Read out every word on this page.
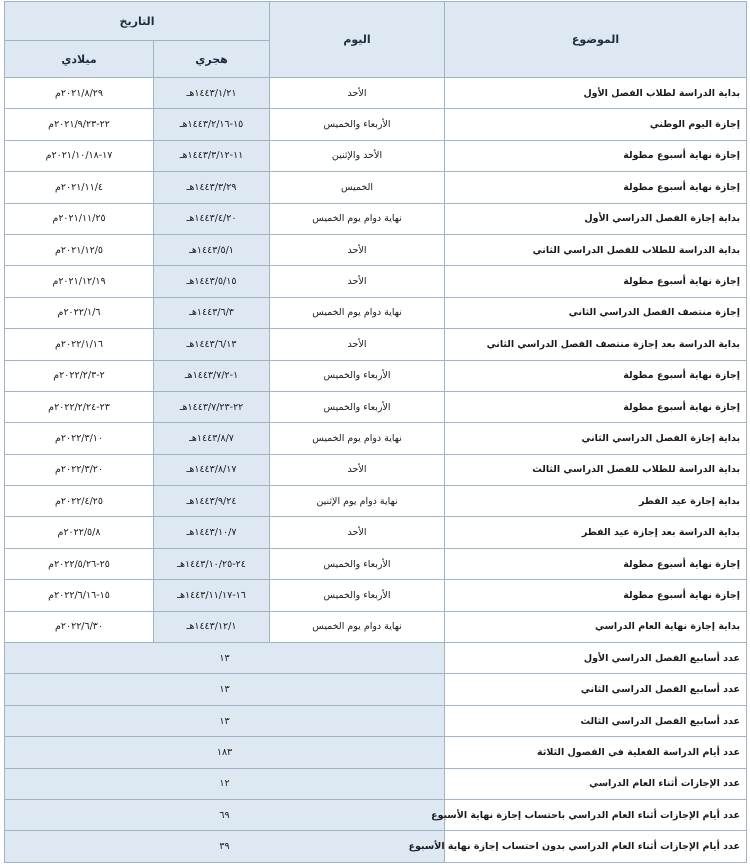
الموضوع	اليوم	التاريخ	
		هجري	ميلادي
بداية الدراسة لطلاب الفصل الأول	الأحد	١٤٤٣/١/٢١هـ	٢٠٢١/٨/٢٩م
إجازة اليوم الوطني	الأربعاء والخميس	١٥-١٤٤٣/٢/١٦هـ	٢٢-٢٠٢١/٩/٢٣م
إجازة نهاية أسبوع مطولة	الأحد والإثنين	١١-١٤٤٣/٣/١٢هـ	١٧-٢٠٢١/١٠/١٨م
إجازة نهاية أسبوع مطولة	الخميس	١٤٤٣/٣/٢٩هـ	٢٠٢١/١١/٤م
بداية إجازة الفصل الدراسي الأول	نهاية دوام يوم الخميس	١٤٤٣/٤/٢٠هـ	٢٠٢١/١١/٢٥م
بداية الدراسة للطلاب للفصل الدراسي الثاني	الأحد	١٤٤٣/٥/١هـ	٢٠٢١/١٢/٥م
إجازة نهاية أسبوع مطولة	الأحد	١٤٤٣/٥/١٥هـ	٢٠٢١/١٢/١٩م
إجازة منتصف الفصل الدراسي الثاني	نهاية دوام يوم الخميس	١٤٤٣/٦/٣هـ	٢٠٢٢/١/٦م
بداية الدراسة بعد إجازة منتصف الفصل الدراسي الثاني	الأحد	١٤٤٣/٦/١٣هـ	٢٠٢٢/١/١٦م
إجازة نهاية أسبوع مطولة	الأربعاء والخميس	١-١٤٤٣/٧/٢هـ	٢-٢٠٢٢/٢/٣م
إجازة نهاية أسبوع مطولة	الأربعاء والخميس	٢٢-١٤٤٣/٧/٢٣هـ	٢٣-٢٠٢٢/٢/٢٤م
بداية إجازة الفصل الدراسي الثاني	نهاية دوام يوم الخميس	١٤٤٣/٨/٧هـ	٢٠٢٢/٣/١٠م
بداية الدراسة للطلاب للفصل الدراسي الثالث	الأحد	١٤٤٣/٨/١٧هـ	٢٠٢٢/٣/٢٠م
بداية إجازة عيد الفطر	نهاية دوام يوم الإثنين	١٤٤٣/٩/٢٤هـ	٢٠٢٢/٤/٢٥م
بداية الدراسة بعد إجازة عيد الفطر	الأحد	١٤٤٣/١٠/٧هـ	٢٠٢٢/٥/٨م
إجازة نهاية أسبوع مطولة	الأربعاء والخميس	٢٤-١٤٤٣/١٠/٢٥هـ	٢٥-٢٠٢٢/٥/٢٦م
إجازة نهاية أسبوع مطولة	الأربعاء والخميس	١٦-١٤٤٣/١١/١٧هـ	١٥-٢٠٢٢/٦/١٦م
بداية إجازة نهاية العام الدراسي	نهاية دوام يوم الخميس	١٤٤٣/١٢/١هـ	٢٠٢٢/٦/٣٠م
عدد أسابيع الفصل الدراسي الأول	١٣		
عدد أسابيع الفصل الدراسي الثاني	١٣		
عدد أسابيع الفصل الدراسي الثالث	١٣		
عدد أيام الدراسة الفعلية في الفصول الثلاثة	١٨٣		
عدد الإجازات أثناء العام الدراسي	١٢		
عدد أيام الإجازات أثناء العام الدراسي باحتساب إجازة نهاية الأسبوع	٦٩		
عدد أيام الإجازات أثناء العام الدراسي بدون احتساب إجازة نهاية الأسبوع	٣٩		
